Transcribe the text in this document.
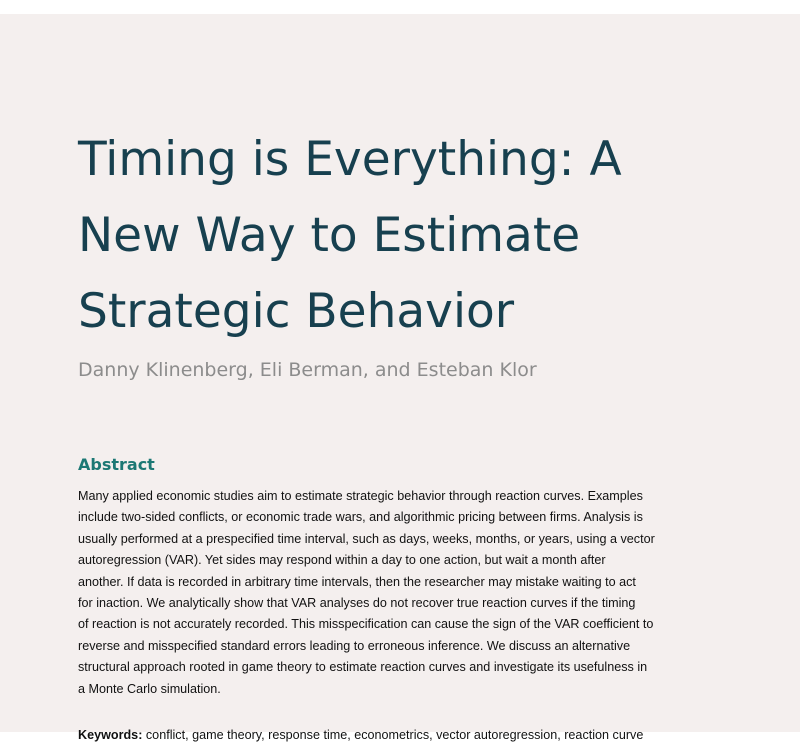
Timing is Everything: A
New Way to Estimate
Strategic Behavior

Danny Klinenberg, Eli Berman, and Esteban Klor

Abstract
Many applied economic studies aim to estimate strategic behavior through reaction curves. Examples
include two-sided conflicts, or economic trade wars, and algorithmic pricing between firms. Analysis is
usually performed at a prespecified time interval, such as days, weeks, months, or years, using a vector
autoregression (VAR). Yet sides may respond within a day to one action, but wait a month after
another. If data is recorded in arbitrary time intervals, then the researcher may mistake waiting to act
for inaction. We analytically show that VAR analyses do not recover true reaction curves if the timing
of reaction is not accurately recorded. This misspecification can cause the sign of the VAR coefficient to
reverse and misspecified standard errors leading to erroneous inference. We discuss an alternative
structural approach rooted in game theory to estimate reaction curves and investigate its usefulness in
a Monte Carlo simulation.

Keywords: conflict, game theory, response time, econometrics, vector autoregression, reaction curve
